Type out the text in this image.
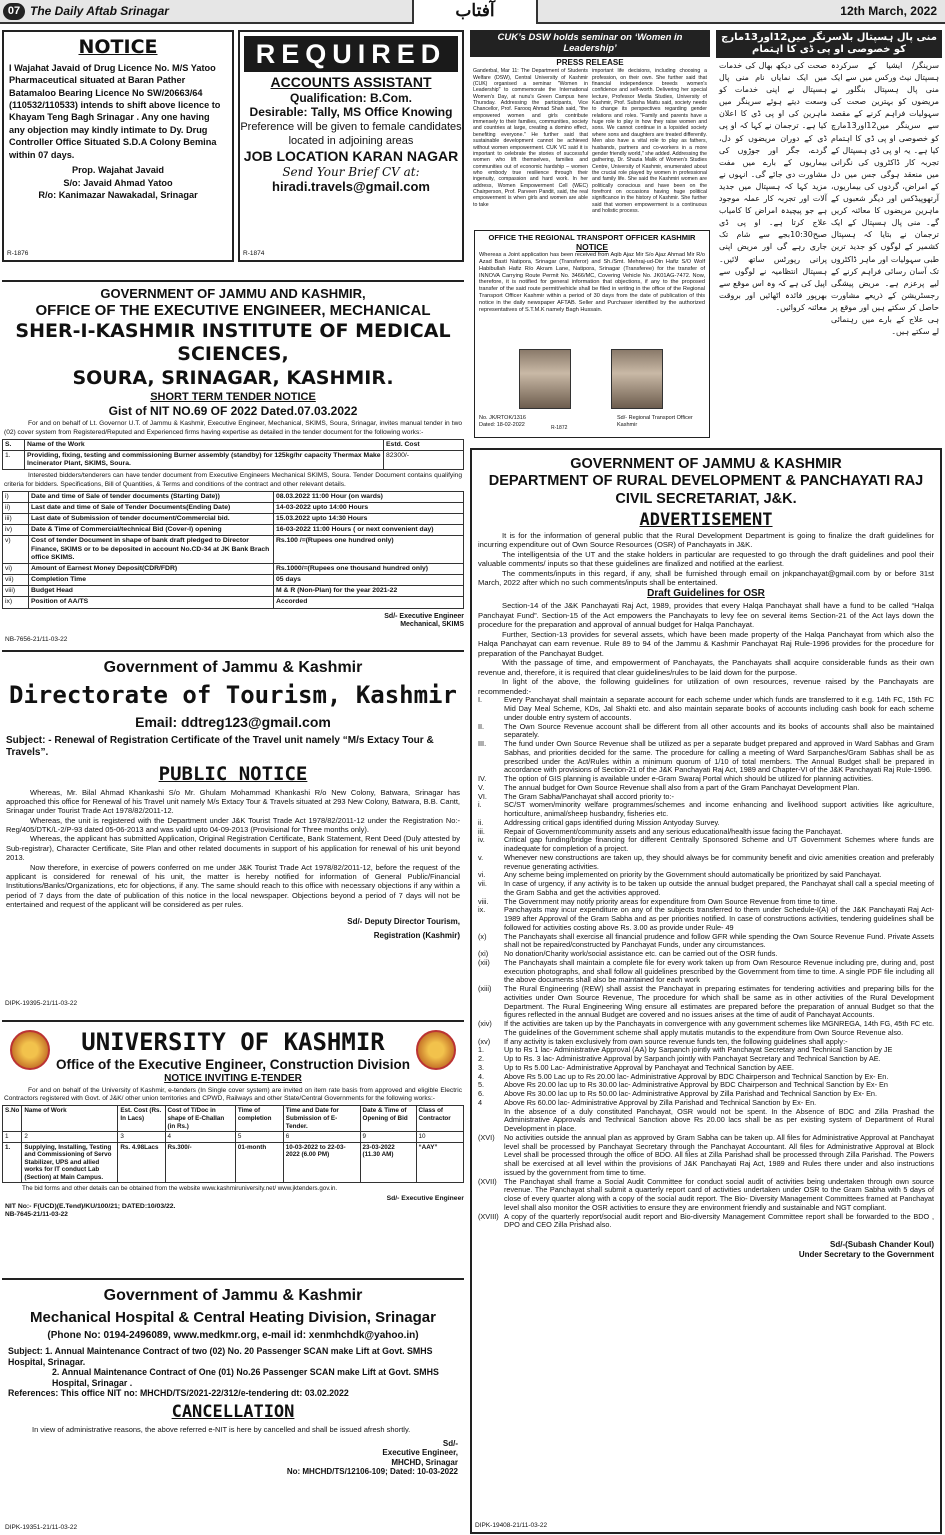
07 The Daily Aftab Srinagar	آفتاب	12th March, 2022
NOTICE
I Wajahat Javaid of Drug Licence No. M/S Yatoo Pharmaceutical situated at Baran Pather Batamaloo Bearing Licence No SW/20663/64 (110532/110533) intends to shift above licence to Khayam Teng Bagh Srinagar . Any one having any objection may kindly intimate to Dy. Drug Controller Office Situated S.D.A Colony Bemina within 07 days.
Prop. Wajahat Javaid
S/o: Javaid Ahmad Yatoo
R/o: Kanimazar Nawakadal, Srinagar
R-1876
REQUIRED
ACCOUNTS ASSISTANT
Qualification: B.Com.
Desirable: Tally, MS Office Knowing
Preference will be given to female candidates located in adjoining areas
JOB LOCATION KARAN NAGAR
Send Your Brief CV at:
hiradi.travels@gmail.com
R-1874
CUK’s DSW holds seminar on ‘Women in Leadership’
PRESS RELEASE

Ganderbal, Mar 11: The Department of Students Welfare (DSW), Central University of Kashmir (CUK) organised a seminar "Women in Leadership" to commemorate the International Women's Day, at nunu's Green Campus here Thursday. Addressing the participants, Vice Chancellor, Prof. Farooq Ahmad Shah said, "the empowered women and girls contribute immensely to their families, communities, society and countries at large, creating a domino effect, benefiting everyone." He further said that sustainable development cannot be achieved without women empowerment. CUK VC said it is important to celebrate the stories of successful women who lift themselves, families and communities out of economic hardship – women who embody true resilience through their ingenuity, compassion and hard work. In her address, Women Empowerment Cell (WEC) Chairperson, Prof. Parveen Pandit, said, the real empowerment is when girls and women are able to take

important life decisions, including choosing a profession, on their own. She further said that financial independence breeds women's confidence and self-worth. Delivering her special lecture, Professor Media Studies, University of Kashmir, Prof. Subsha Mattu said, society needs to change its perspectives regarding gender relations and roles. "Family and parents have a huge role to play in how they raise women and sons. We cannot continue in a lopsided society where sons and daughters are treated differently. Men also have a vital role to play as fathers, husbands, partners and co-workers in a more gender friendly world," she added. Addressing the gathering, Dr. Shazia Malik of Women's Studies Centre, University of Kashmir, enumerated about the crucial role played by women in professional and family life. She said the Kashmiri women are politically conscious and have been on the forefront on occasions having huge political significance in the history of Kashmir. She further said that women empowerment is a continuous and holistic process.

OFFICE THE REGIONAL TRANSPORT OFFICER KASHMIR
NOTICE

Whereas a Joint application has been received from Aqib Ajaz Mir S/o Ajaz Ahmad Mir R/o Azad Basti Natipora, Srinagar (Transferor) and Sh./Smt. Mehraj-ud-Din Hafiz S/O Wolf Habibullah Hafiz R/o Akram Lane, Natipora, Srinagar (Transferee) for the transfer of INNOVA Carrying Route Permit No. 3466/MC, Covering Vehicle No. JK01AG-7472. Now, therefore, it is notified for general information that objections, if any to the proposed transfer of the said route permit/vehicle shall be filed in writing in the office of the Regional Transport Officer Kashmir within a period of 30 days from the date of publication of this notice in the daily newspaper AFTAB. Seller and Purchaser identified by the authorized representatives of S.T.M.K namely Bagh Hussain.

No. JK/RTOK/1316
Dated: 18-02-2022
Sd/- Regional Transport Officer Kashmir
R-1872
منی پال ہسپتال بلاسرنگر میں12اور13مارچ کو خصوصی او پی ڈی کا اہتمام

سرینگر/ ایشیا کے سرکردہ ہسپتال نیٹ ورکس میں سے ایک منی پال ہسپتال بنگلور نے مریضوں کو بہترین صحت کی سہولیات فراہم کرنے کے مقصد سے سرینگر میں12اور13مارچ کو خصوصی او پی ڈی کا اہتمام کیا ہے۔ یہ او پی ڈی ہسپتال کے تجربہ کار ڈاکٹروں کی نگرانی میں منعقد ہوگی جس میں دل کے امراض، گردوں کی بیماریوں، آرتھوپیڈکس اور دیگر شعبوں کے ماہرین مریضوں کا معائنہ کریں گے۔ منی پال ہسپتال کے ایک ترجمان نے بتایا کہ ہسپتال کشمیر کے لوگوں کو جدید ترین طبی سہولیات اور ماہر ڈاکٹروں تک آسان رسائی فراہم کرنے کے لیے پرعزم ہے۔ مریض پیشگی رجسٹریشن کے ذریعے مشاورت حاصل کر سکتے ہیں اور موقع پر ہی علاج کے بارے میں رہنمائی لے سکتے ہیں۔

صحت کی دیکھ بھال کی خدمات میں ایک نمایاں نام منی پال ہسپتال نے اپنی خدمات کو وسعت دیتے ہوئے سرینگر میں ماہرین کی او پی ڈی کا اعلان کیا ہے۔ ترجمان نے کہا کہ او پی ڈی کے دوران مریضوں کو دل، گردے، جگر اور جوڑوں کی بیماریوں کے بارے میں مفت مشاورت دی جائے گی۔ انہوں نے مزید کہا کہ ہسپتال میں جدید آلات اور تجربہ کار عملہ موجود ہے جو پیچیدہ امراض کا کامیاب علاج کرتا ہے۔ او پی ڈی صبح10:30بجے سے شام تک جاری رہے گی اور مریض اپنی پرانی رپورٹس ساتھ لائیں۔ ہسپتال انتظامیہ نے لوگوں سے اپیل کی ہے کہ وہ اس موقع سے بھرپور فائدہ اٹھائیں اور بروقت معائنہ کروائیں۔

GOVERNMENT OF JAMMU AND KASHMIR,
OFFICE OF THE EXECUTIVE ENGINEER, MECHANICAL
SHER-I-KASHMIR INSTITUTE OF MEDICAL SCIENCES,
SOURA, SRINAGAR, KASHMIR.
SHORT TERM TENDER NOTICE
Gist of NIT NO.69 OF 2022 Dated.07.03.2022

For and on behalf of Lt. Governor U.T. of Jammu & Kashmir, Executive Engineer, Mechanical, SKIMS, Soura, Srinagar, invites manual tender in two (02) cover system from Registered/Reputed and Experienced firms having expertise as detailed in the tender document for the following works:-

S.	Name of the Work	Estd. Cost
1.	Providing, fixing, testing and commissioning Burner assembly (standby) for 125kg/hr capacity Thermax Make Incinerator Plant, SKIMS, Soura.	82300/-

Interested bidders/tenderers can have tender document from Executive Engineers Mechanical SKIMS, Soura. Tender Document contains qualifying criteria for bidders. Specifications, Bill of Quantities, & Terms and conditions of the contract and other relevant details.

i)	Date and time of Sale of tender documents (Starting Date))	08.03.2022 11:00 Hour (on wards)
ii)	Last date and time of Sale of Tender Documents(Ending Date)	14-03-2022 upto 14:00 Hours
iii)	Last date of Submission of tender document/Commercial bid.	15.03.2022 upto 14:30 Hours
iv)	Date & Time of Commercial/technical Bid (Cover-I) opening	16-03-2022 11:00 Hours ( or next convenient day)
v)	Cost of tender Document in shape of bank draft pledged to Director Finance, SKIMS or to be deposited in account No.CD-34 at JK Bank Brach office SKIMS.	Rs.100 /=(Rupees one hundred only)
vi)	Amount of Earnest Money Deposit(CDR/FDR)	Rs.1000/=(Rupees one thousand hundred only)
vii)	Completion Time	05 days
viii)	Budget Head	M & R (Non-Plan) for the year 2021-22
ix)	Position of AA/TS	Accorded
Sd/- Executive Engineer
Mechanical, SKIMS
NB-7656-21/11-03-22
Government of Jammu & Kashmir
Directorate of Tourism, Kashmir
Email: ddtreg123@gmail.com
Subject: - Renewal of Registration Certificate of the Travel unit namely “M/s Extacy Tour & Travels”.
PUBLIC NOTICE

Whereas, Mr. Bilal Ahmad Khankashi S/o Mr. Ghulam Mohammad Khankashi R/o New Colony, Batwara, Srinagar has approached this office for Renewal of his Travel unit namely M/s Extacy Tour & Travels situated at 293 New Colony, Batwara, B.B. Cantt, Srinagar under Tourist Trade Act 1978/82/2011-12.

Whereas, the unit is registered with the Department under J&K Tourist Trade Act 1978/82/2011-12 under the Registration No:- Reg/405/DTK/L-2/P-93 dated 05-06-2013 and was valid upto 04-09-2013 (Provisional for Three months only).

Whereas, the applicant has submitted Application, Original Registration Certificate, Bank Statement, Rent Deed (Duly attested by Sub-registrar), Character Certificate, Site Plan and other related documents in support of his application for renewal of his unit beyond 2013.

Now therefore, in exercise of powers conferred on me under J&K Tourist Trade Act 1978/82/2011-12, before the request of the applicant is considered for renewal of his unit, the matter is hereby notified for information of General Public/Financial Institutions/Banks/Organizations, etc for objections, if any. The same should reach to this office with necessary objections if any within a period of 7 days from the date of publication of this notice in the local newspaper. Objections beyond a period of 7 days will not be entertained and request of the applicant will be considered as per rules.

Sd/- Deputy Director Tourism,
Registration (Kashmir)
DIPK-19395-21/11-03-22
UNIVERSITY OF KASHMIR
Office of the Executive Engineer, Construction Division
NOTICE INVITING E-TENDER

For and on behalf of the University of Kashmir, e-tenders (In Single cover system) are invited on item rate basis from approved and eligible Electric Contractors registered with Govt. of J&K/ other union territories and CPWD, Railways and other State/Central Governments for the following works:-

S.No	Name of Work	Est. Cost (Rs. In Lacs)	Cost of T/Doc in shape of E-Challan (in Rs.)	Time of completion	Time and Date for Submission of E-Tender.	Date & Time of Opening of Bid	Class of Contractor
1	2	3	4	5	6	9	10
1.	Supplying, Installing, Testing and Commissioning of Servo Stabilizer, UPS and allied works for IT conduct Lab (Section) at Main Campus.	Rs. 4.98Lacs	Rs.300/-	01-month	10-03-2022 to 22-03-2022 (6.00 PM)	23-03-2022 (11.30 AM)	“AAY”

The bid forms and other details can be obtained from the website www.kashmiruniversity.net/ www.jktenders.gov.in.

Sd/- Executive Engineer
NIT No:- F(UCD)(E.Tend)/KU/100/21; DATED:10/03/22.
NB-7645-21/11-03-22
Government of Jammu & Kashmir
Mechanical Hospital & Central Heating Division, Srinagar
(Phone No: 0194-2496089, www.medkmr.org, e-mail id: xenmhchdk@yahoo.in)
Subject: 1. Annual Maintenance Contract of two (02) No. 20 Passenger SCAN make Lift at Govt. SMHS Hospital, Srinagar.
2. Annual Maintenance Contract of One (01) No.26 Passenger SCAN make Lift at Govt. SMHS Hospital, Srinagar .
References: This office NIT no: MHCHD/TS/2021-22/312/e-tendering dt: 03.02.2022
CANCELLATION

In view of administrative reasons, the above referred e-NIT is here by cancelled and shall be issued afresh shortly.

Sd/-
Executive Engineer,
MHCHD, Srinagar
No: MHCHD/TS/12106-109; Dated: 10-03-2022
DIPK-19351-21/11-03-22
GOVERNMENT OF JAMMU & KASHMIR
DEPARTMENT OF RURAL DEVELOPMENT & PANCHAYATI RAJ
CIVIL SECRETARIAT, J&K.
ADVERTISEMENT

It is for the information of general public that the Rural Development Department is going to finalize the draft guidelines for incurring expenditure out of Own Source Resources (OSR) of Panchayats in J&K.

The intelligentsia of the UT and the stake holders in particular are requested to go through the draft guidelines and pool their valuable comments/ inputs so that these guidelines are finalized and notified at the earliest.

The comments/inputs in this regard, if any, shall be furnished through email on jnkpanchayat@gmail.com by or before 31st March, 2022 after which no such comments/inputs shall be entertained.

Draft Guidelines for OSR

Section-14 of the J&K Panchayati Raj Act, 1989, provides that every Halqa Panchayat shall have a fund to be called “Halqa Panchayat Fund”. Section-15 of the Act empowers the Panchayats to levy fee on several items Section-21 of the Act lays down the procedure for the preparation and approval of annual budget for Halqa Panchayat.

Further, Section-13 provides for several assets, which have been made property of the Halqa Panchayat from which also the Halqa Panchayat can earn revenue. Rule 89 to 94 of the Jammu & Kashmir Panchayat Raj Rule-1996 provides for the procedure for preparation of the Panchayat Budget.

With the passage of time, and empowerment of Panchayats, the Panchayats shall acquire considerable funds as their own revenue and, therefore, it is required that clear guidelines/rules to be laid down for the purpose.

In light of the above, the following guidelines for utilization of own resources, revenue raised by the Panchayats are recommended:-

I.	Every Panchayat shall maintain a separate account for each scheme under which funds are transferred to it e.g. 14th FC, 15th FC Mid Day Meal Scheme, KDs, Jal Shakti etc. and also maintain separate books of accounts including cash book for each scheme under double entry system of accounts.
II.	The Own Source Revenue account shall be different from all other accounts and its books of accounts shall also be maintained separately.
III.	The fund under Own Source Revenue shall be utilized as per a separate budget prepared and approved in Ward Sabhas and Gram Sabhas, and priorities decided for the same. The procedure for calling a meeting of Ward Sarpanches/Gram Sabhas shall be as prescribed under the Act/Rules within a minimum quorum of 1/10 of total members. The Annual Budget shall be prepared in accordance with provisions of Section-21 of the J&K Panchayati Raj Act, 1989 and Chapter-VI of the J&K Panchayati Raj Rule-1996.
IV.	The option of GIS planning is available under e-Gram Swaraj Portal which should be utilized for planning activities.
V.	The annual budget for Own Source Revenue shall also from a part of the Gram Panchayat Development Plan.
VI.	The Gram Sabha/Panchayat shall accord priority to:-
i.	SC/ST women/minority welfare programmes/schemes and income enhancing and livelihood support activities like agriculture, horticulture, animal/sheep husbandry, fisheries etc.
ii.	Addressing critical gaps identified during Mission Antyoday Survey.
iii.	Repair of Government/community assets and any serious educational/health issue facing the Panchayat.
iv.	Critical gap funding/bridge financing for different Centrally Sponsored Scheme and UT Government Schemes where funds are inadequate for completion of a project.
v.	Whenever new constructions are taken up, they should always be for community benefit and civic amenities creation and preferably revenue generating activities.
vi.	Any scheme being implemented on priority by the Government should automatically be prioritized by said Panchayat.
vii.	In case of urgency, if any activity is to be taken up outside the annual budget prepared, the Panchayat shall call a special meeting of the Gram Sabha and get the activities approved.
viii.	The Government may notify priority areas for expenditure from Own Source Revenue from time to time.
ix.	Panchayats may incur expenditure on any of the subjects transferred to them under Schedule-I(A) of the J&K Panchayati Raj Act-1989 after Approval of the Gram Sabha and as per priorities notified. In case of constructions activities, tendering guidelines shall be followed for activities costing above Rs. 3.00 as provide under Rule- 49
(x)	The Panchayats shall exercise all financial prudence and follow GFR while spending the Own Source Revenue Fund. Private Assets shall not be repaired/constructed by Panchayat Funds, under any circumstances.
(xi)	No donation/Charity work/social assistance etc. can be carried out of the OSR funds.
(xii)	The Panchayats shall maintain a complete file for every work taken up from Own Resource Revenue including pre, during and, post execution photographs, and shall follow all guidelines prescribed by the Government from time to time. A single PDF file including all the above documents shall also be maintained for each work
(xiii)	The Rural Engineering (REW) shall assist the Panchayat in preparing estimates for tendering activities and preparing bills for the activities under Own Source Revenue, The procedure for which shall be same as in other activities of the Rural Development Department. The Rural Engineering Wing ensure all estimates are prepared before the preparation of annual Budget so that the figures reflected in the annual Budget are covered and no issues arises at the time of audit of Panchayat Accounts.
(xiv)	If the activities are taken up by the Panchayats in convergence with any government schemes like MGNREGA, 14th FG, 45th FC etc. The guidelines of the Government scheme shall apply mutatis mutandis to the expenditure from Own Source Revenue also.
(xv)	If any activity is taken exclusively from own source revenue funds ten, the following guidelines shall apply:-
1.	Up to Rs 1 lac- Administrative Approval (AA) by Sarpanch jointly with Panchayat Secretary and Technical Sanction by JE
2.	Up to Rs. 3 lac- Administrative Approval by Sarpanch jointly with Panchayat Secretary and Technical Sanction by AE.
3.	Up to Rs 5.00 Lac- Administrative Approval by Panchayat and Technical Sanction by AEE.
4.	Above Rs 5.00 Lac up to Rs 20.00 lac- Administrative Approval by BDC Chairperson and Technical Sanction by Ex- En.
5.	Above Rs 20.00 lac up to Rs 30.00 lac- Administrative Approval by BDC Chairperson and Technical Sanction by Ex- En
6.	Above Rs 30.00 lac up to Rs 50.00 lac- Administrative Approval by Zilla Parishad and Technical Sanction by Ex- En.
4	Above Rs 60.00 lac- Administrative Approval by Zilla Parishad and Technical Sanction by Ex- En.
In the absence of a duly constituted Panchayat, OSR would not be spent. In the Absence of BDC and Zilla Prashad the Administrative Approvals and Technical Sanction above Rs 20.00 lacs shall be as per existing system of Department of Rural Development in place.
(XVI)	No activities outside the annual plan as approved by Gram Sabha can be taken up. All files for Administrative Approval at Panchayat level shall be processed by Panchayat Secretary through the Panchayat Accountant. All files for Administrative Approval at Block Level shall be processed through the office of BDO. All files at Zilla Parishad shall be processed through Zilla Parishad. The Powers shall be exercised at all level within the provisions of J&K Panchayati Raj Act, 1989 and Rules there under and also instructions issued by the government from time to time.
(XVII)	The Panchayat shall frame a Social Audit Committee for conduct social audit of activities being undertaken through own source revenue. The Panchayat shall submit a quarterly report card of activities undertaken under OSR to the Gram Sabha with 5 days of close of every quarter along with a copy of the social audit report. The Bio- Diversity Management Committees framed at Panchayat level shall also monitor the OSR activities to ensure they are environment friendly and sustainable and NGT compliant.
(XVIII) A copy of the quarterly report/social audit report and Bio-diversity Management Committee report shall be forwarded to the BDO , DPO and CEO Zilla Prishad also.
Sd/-(Subash Chander Koul)
Under Secretary to the Government
DIPK-19408-21/11-03-22
